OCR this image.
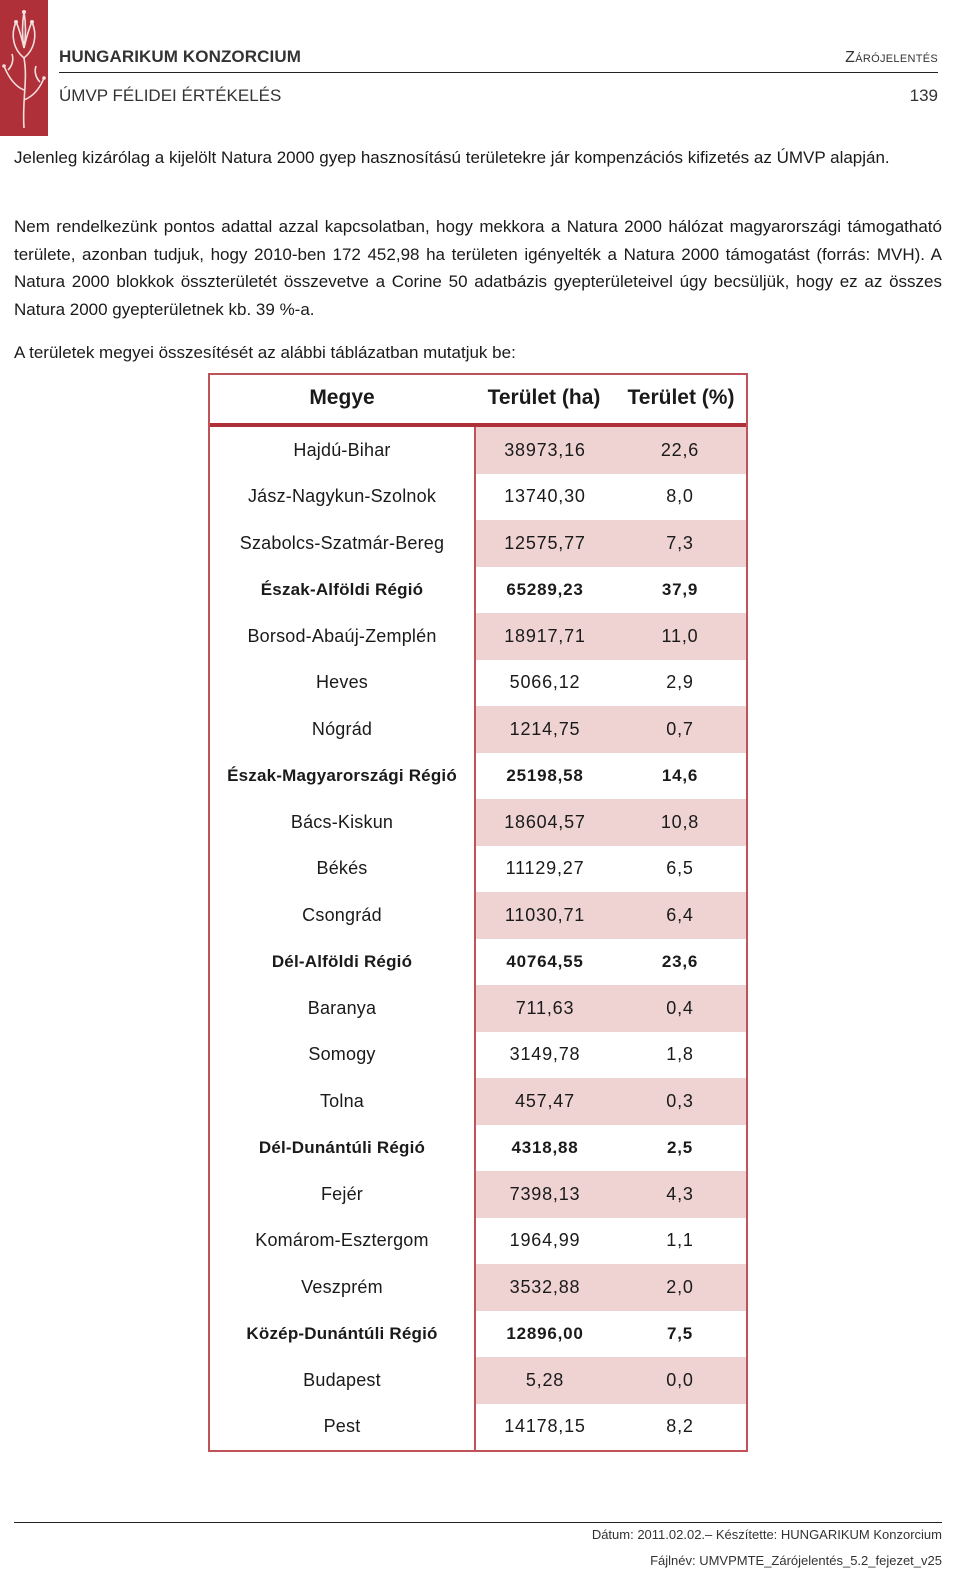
HUNGARIKUM KONZORCIUM	Zárójelentés
ÚMVP FÉLIDEI ÉRTÉKELÉS	139

Jelenleg kizárólag a kijelölt Natura 2000 gyep hasznosítású területekre jár kompenzációs kifizetés az ÚMVP alapján.

Nem rendelkezünk pontos adattal azzal kapcsolatban, hogy mekkora a Natura 2000 hálózat magyarországi támogatható területe, azonban tudjuk, hogy 2010-ben 172 452,98 ha területen igényelték a Natura 2000 támogatást (forrás: MVH). A Natura 2000 blokkok összterületét összevetve a Corine 50 adatbázis gyepterületeivel úgy becsüljük, hogy ez az összes Natura 2000 gyepterületnek kb. 39 %-a.

A területek megyei összesítését az alábbi táblázatban mutatjuk be:

Megye	Terület (ha)	Terület (%)
Hajdú-Bihar	38973,16	22,6
Jász-Nagykun-Szolnok	13740,30	8,0
Szabolcs-Szatmár-Bereg	12575,77	7,3
Észak-Alföldi Régió	65289,23	37,9
Borsod-Abaúj-Zemplén	18917,71	11,0
Heves	5066,12	2,9
Nógrád	1214,75	0,7
Észak-Magyarországi Régió	25198,58	14,6
Bács-Kiskun	18604,57	10,8
Békés	11129,27	6,5
Csongrád	11030,71	6,4
Dél-Alföldi Régió	40764,55	23,6
Baranya	711,63	0,4
Somogy	3149,78	1,8
Tolna	457,47	0,3
Dél-Dunántúli Régió	4318,88	2,5
Fejér	7398,13	4,3
Komárom-Esztergom	1964,99	1,1
Veszprém	3532,88	2,0
Közép-Dunántúli Régió	12896,00	7,5
Budapest	5,28	0,0
Pest	14178,15	8,2
Dátum: 2011.02.02.– Készítette: HUNGARIKUM Konzorcium
Fájlnév: UMVPMTE_Zárójelentés_5.2_fejezet_v25
